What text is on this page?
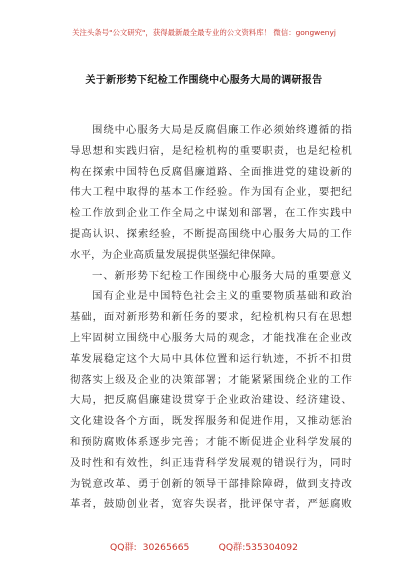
关注头条号"公文研究"，获得最新最全最专业的公文资料库！ 微信：gongwenyj
关于新形势下纪检工作围绕中心服务大局的调研报告
围绕中心服务大局是反腐倡廉工作必须始终遵循的指
导思想和实践归宿，是纪检机构的重要职责，也是纪检机
构在探索中国特色反腐倡廉道路、全面推进党的建设新的
伟大工程中取得的基本工作经验。作为国有企业，要把纪
检工作放到企业工作全局之中谋划和部署，在工作实践中
提高认识、探索经验，不断提高围绕中心服务大局的工作
水平，为企业高质量发展提供坚强纪律保障。
一、新形势下纪检工作围绕中心服务大局的重要意义
国有企业是中国特色社会主义的重要物质基础和政治
基础，面对新形势和新任务的要求，纪检机构只有在思想
上牢固树立围绕中心服务大局的观念，才能找准在企业改
革发展稳定这个大局中具体位置和运行轨迹，不折不扣贯
彻落实上级及企业的决策部署；才能紧紧围绕企业的工作
大局，把反腐倡廉建设贯穿于企业政治建设、经济建设、
文化建设各个方面，既发挥服务和促进作用，又推动惩治
和预防腐败体系逐步完善；才能不断促进企业科学发展的
及时性和有效性，纠正违背科学发展观的错误行为，同时
为锐意改革、勇于创新的领导干部排除障碍，做到支持改
革者，鼓励创业者，宽容失误者，批评保守者，严惩腐败
QQ群:  30265665          QQ群:535304092
